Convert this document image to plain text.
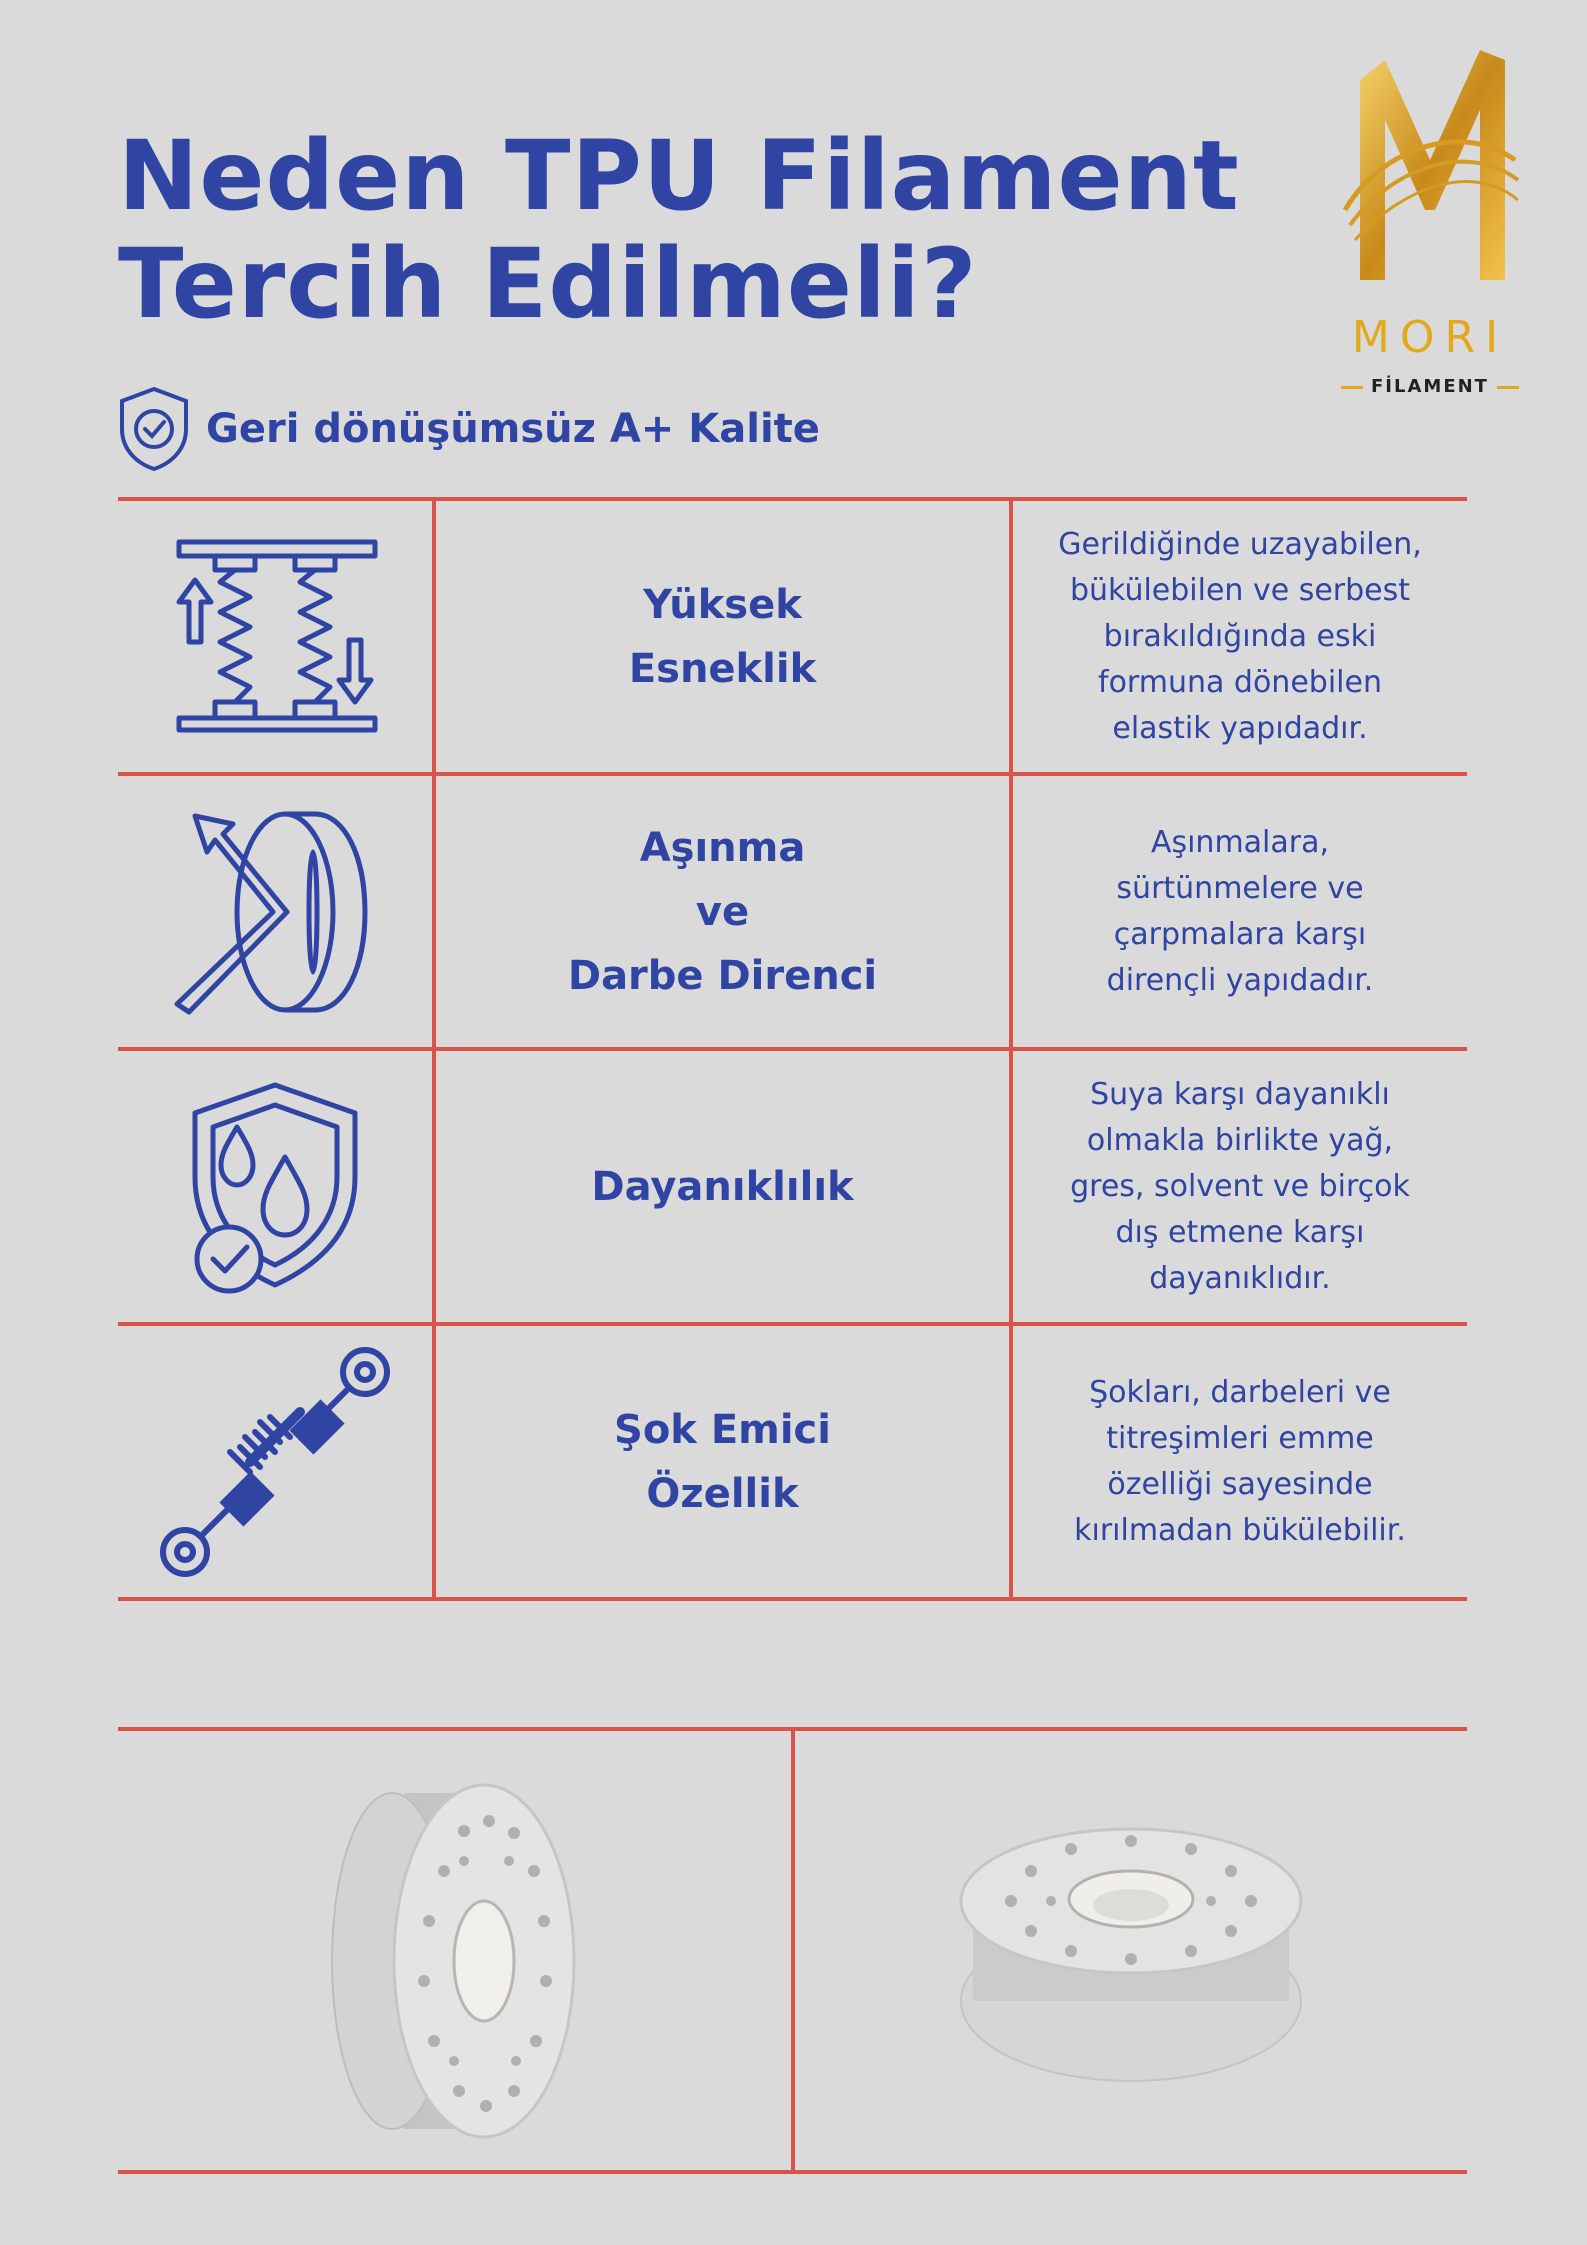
Neden TPU Filament
Tercih Edilmeli?	MORI
FİLAMENT
Geri dönüşümsüz A+ Kalite
Yüksek
Esneklik
Gerildiğinde uzayabilen,
bükülebilen ve serbest
bırakıldığında eski
formuna dönebilen
elastik yapıdadır.
Aşınma
ve
Darbe Direnci
Aşınmalara,
sürtünmelere ve
çarpmalara karşı
dirençli yapıdadır.
Dayanıklılık
Suya karşı dayanıklı
olmakla birlikte yağ,
gres, solvent ve birçok
dış etmene karşı
dayanıklıdır.
Şok Emici
Özellik
Şokları, darbeleri ve
titreşimleri emme
özelliği sayesinde
kırılmadan bükülebilir.
